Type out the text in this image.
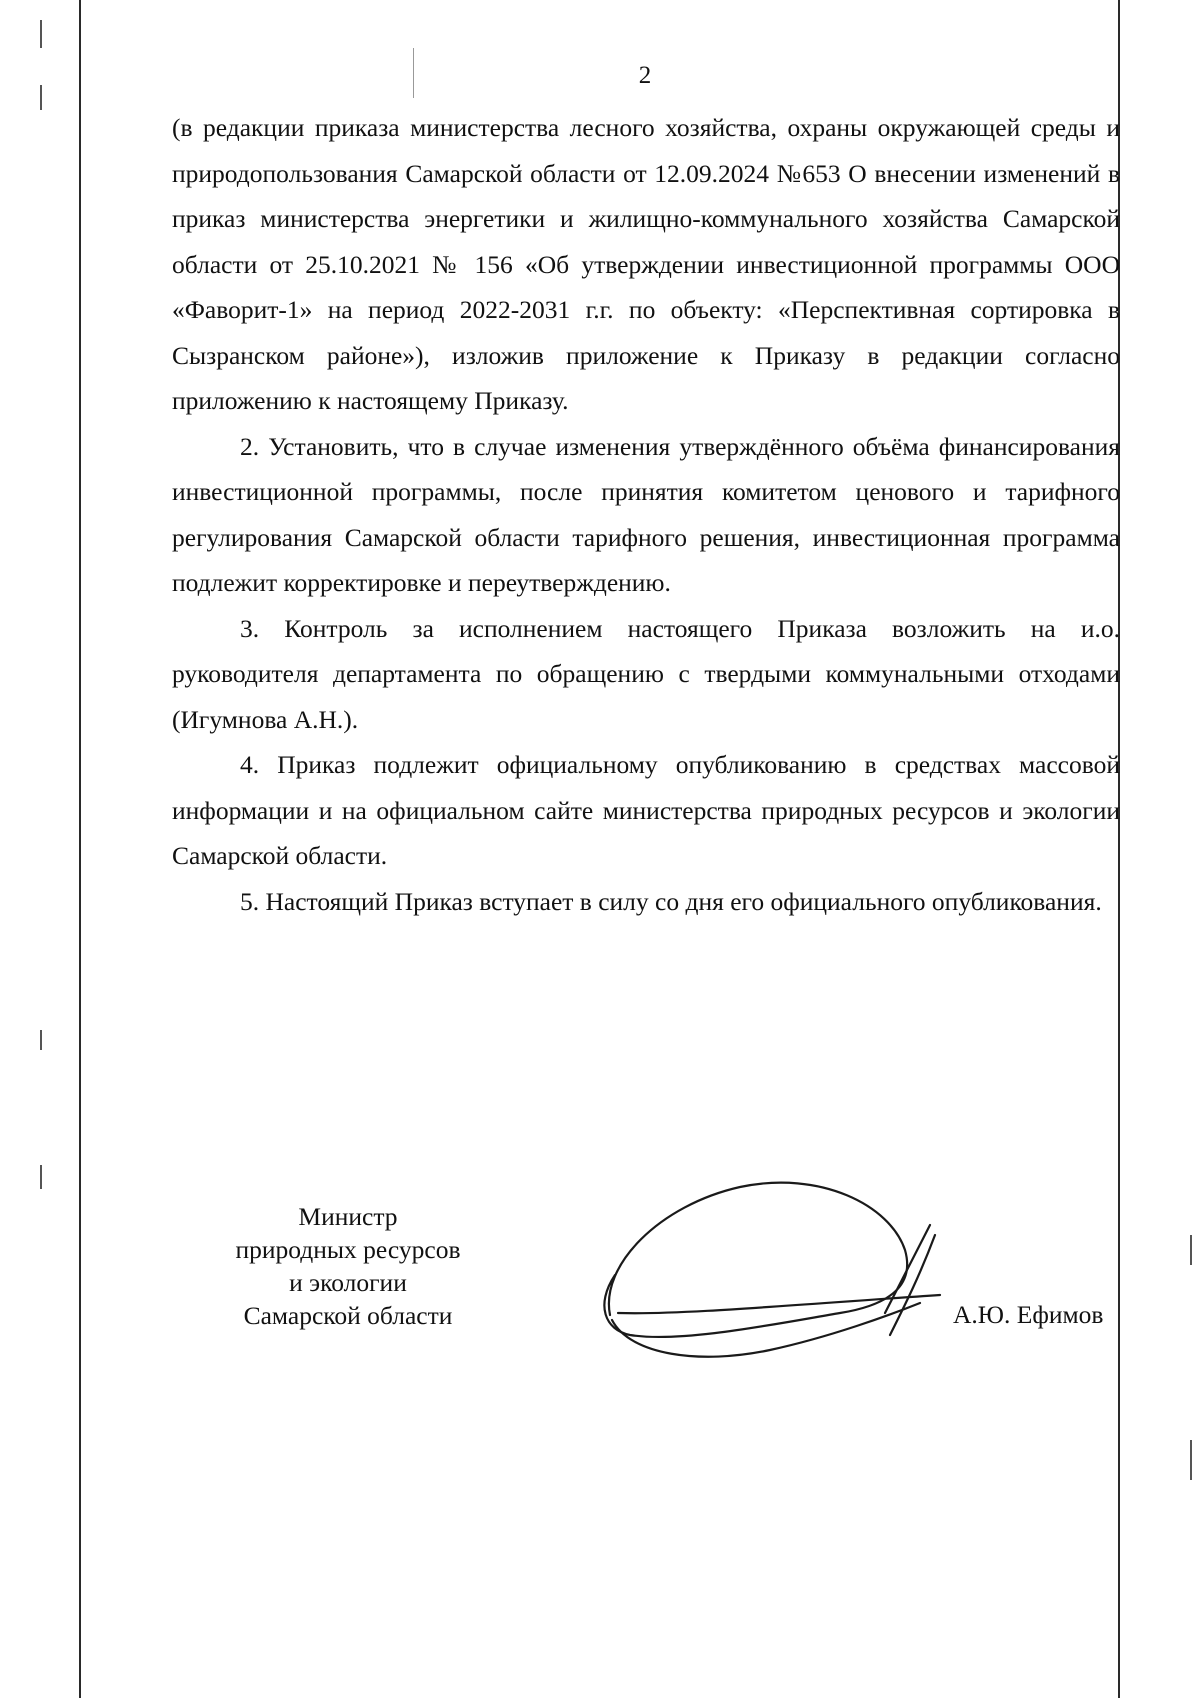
2

(в редакции приказа министерства лесного хозяйства, охраны окружающей среды и природопользования Самарской области от 12.09.2024 №653 О внесении изменений в приказ министерства энергетики и жилищно-коммунального хозяйства Самарской области от 25.10.2021 № 156 «Об утверждении инвестиционной программы ООО «Фаворит-1» на период 2022-2031 г.г. по объекту: «Перспективная сортировка в Сызранском районе»), изложив приложение к Приказу в редакции согласно приложению к настоящему Приказу.

2. Установить, что в случае изменения утверждённого объёма финансирования инвестиционной программы, после принятия комитетом ценового и тарифного регулирования Самарской области тарифного решения, инвестиционная программа подлежит корректировке и переутверждению.

3. Контроль за исполнением настоящего Приказа возложить на и.о. руководителя департамента по обращению с твердыми коммунальными отходами (Игумнова А.Н.).

4. Приказ подлежит официальному опубликованию в средствах массовой информации и на официальном сайте министерства природных ресурсов и экологии Самарской области.

5. Настоящий Приказ вступает в силу со дня его официального опубликования.

Министр
природных ресурсов
и экологии
Самарской области	А.Ю. Ефимов
